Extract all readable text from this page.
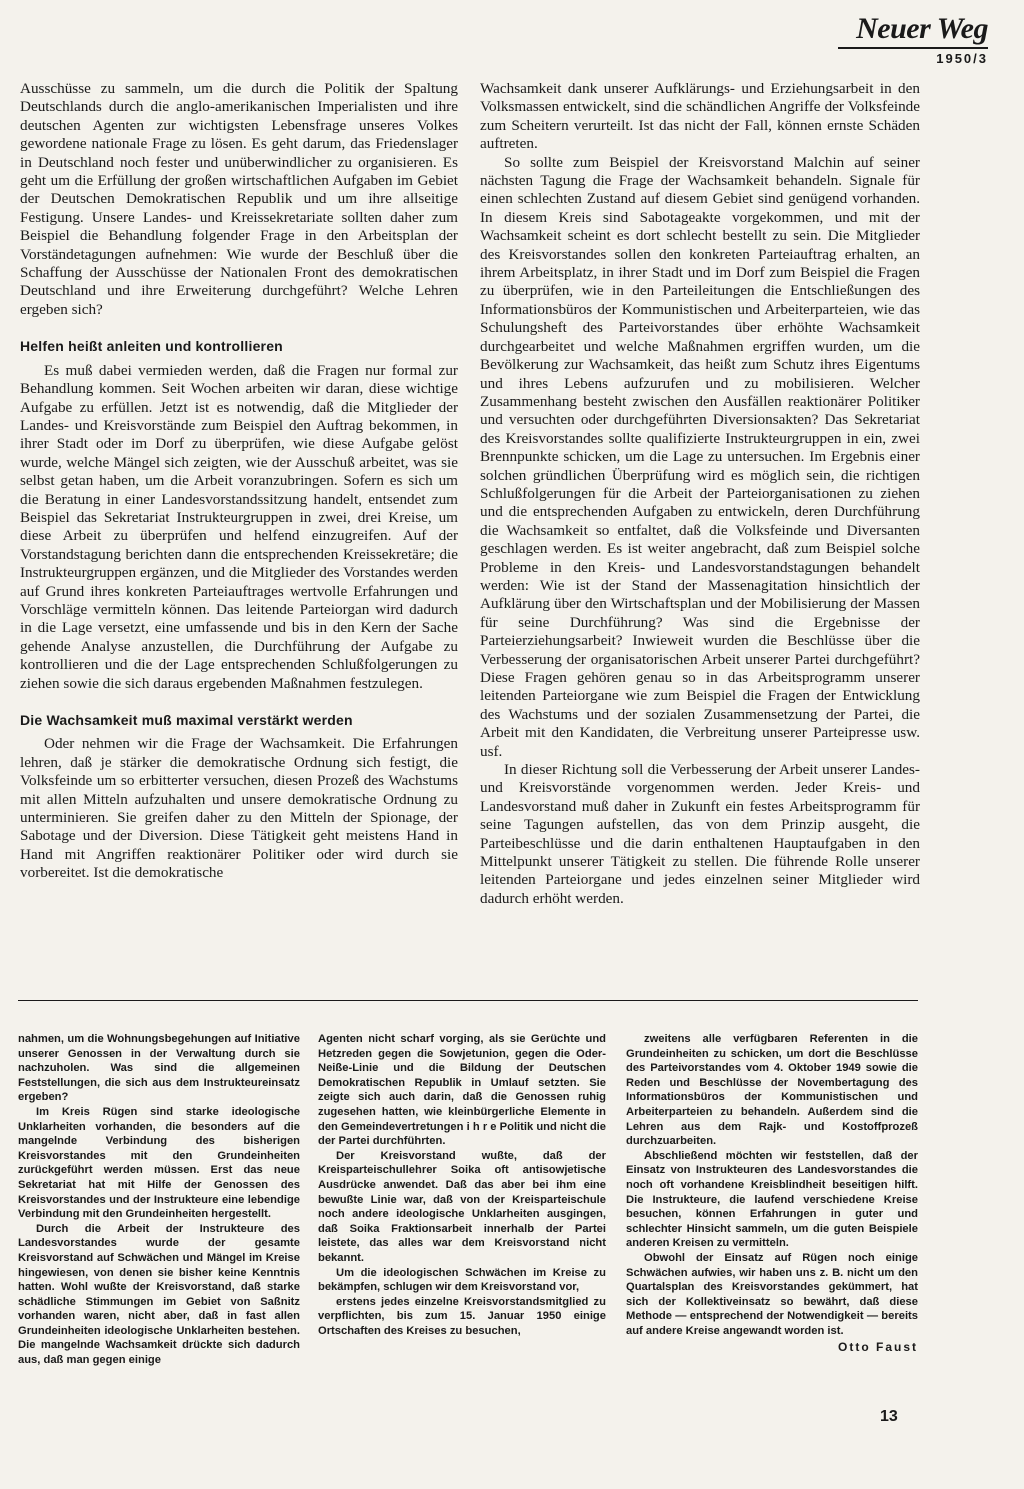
Neuer Weg
1950/3

Ausschüsse zu sammeln, um die durch die Politik der Spaltung Deutschlands durch die anglo-amerikanischen Imperialisten und ihre deutschen Agenten zur wichtigsten Lebensfrage unseres Volkes gewordene nationale Frage zu lösen. Es geht darum, das Friedenslager in Deutschland noch fester und unüberwindlicher zu organisieren. Es geht um die Erfüllung der großen wirtschaftlichen Aufgaben im Gebiet der Deutschen Demokratischen Republik und um ihre allseitige Festigung. Unsere Landes- und Kreissekretariate sollten daher zum Beispiel die Behandlung folgender Frage in den Arbeitsplan der Vorständetagungen aufnehmen: Wie wurde der Beschluß über die Schaffung der Ausschüsse der Nationalen Front des demokratischen Deutschland und ihre Erweiterung durchgeführt? Welche Lehren ergeben sich?

Helfen heißt anleiten und kontrollieren

Es muß dabei vermieden werden, daß die Fragen nur formal zur Behandlung kommen. Seit Wochen arbeiten wir daran, diese wichtige Aufgabe zu erfüllen. Jetzt ist es notwendig, daß die Mitglieder der Landes- und Kreisvorstände zum Beispiel den Auftrag bekommen, in ihrer Stadt oder im Dorf zu überprüfen, wie diese Aufgabe gelöst wurde, welche Mängel sich zeigten, wie der Ausschuß arbeitet, was sie selbst getan haben, um die Arbeit voranzubringen. Sofern es sich um die Beratung in einer Landesvorstandssitzung handelt, entsendet zum Beispiel das Sekretariat Instrukteurgruppen in zwei, drei Kreise, um diese Arbeit zu überprüfen und helfend einzugreifen. Auf der Vorstandstagung berichten dann die entsprechenden Kreissekretäre; die Instrukteurgruppen ergänzen, und die Mitglieder des Vorstandes werden auf Grund ihres konkreten Parteiauftrages wertvolle Erfahrungen und Vorschläge vermitteln können. Das leitende Parteiorgan wird dadurch in die Lage versetzt, eine umfassende und bis in den Kern der Sache gehende Analyse anzustellen, die Durchführung der Aufgabe zu kontrollieren und die der Lage entsprechenden Schlußfolgerungen zu ziehen sowie die sich daraus ergebenden Maßnahmen festzulegen.

Die Wachsamkeit muß maximal verstärkt werden

Oder nehmen wir die Frage der Wachsamkeit. Die Erfahrungen lehren, daß je stärker die demokratische Ordnung sich festigt, die Volksfeinde um so erbitterter versuchen, diesen Prozeß des Wachstums mit allen Mitteln aufzuhalten und unsere demokratische Ordnung zu unterminieren. Sie greifen daher zu den Mitteln der Spionage, der Sabotage und der Diversion. Diese Tätigkeit geht meistens Hand in Hand mit Angriffen reaktionärer Politiker oder wird durch sie vorbereitet. Ist die demokratische

Wachsamkeit dank unserer Aufklärungs- und Erziehungsarbeit in den Volksmassen entwickelt, sind die schändlichen Angriffe der Volksfeinde zum Scheitern verurteilt. Ist das nicht der Fall, können ernste Schäden auftreten.

So sollte zum Beispiel der Kreisvorstand Malchin auf seiner nächsten Tagung die Frage der Wachsamkeit behandeln. Signale für einen schlechten Zustand auf diesem Gebiet sind genügend vorhanden. In diesem Kreis sind Sabotageakte vorgekommen, und mit der Wachsamkeit scheint es dort schlecht bestellt zu sein. Die Mitglieder des Kreisvorstandes sollen den konkreten Parteiauftrag erhalten, an ihrem Arbeitsplatz, in ihrer Stadt und im Dorf zum Beispiel die Fragen zu überprüfen, wie in den Parteileitungen die Entschließungen des Informationsbüros der Kommunistischen und Arbeiterparteien, wie das Schulungsheft des Parteivorstandes über erhöhte Wachsamkeit durchgearbeitet und welche Maßnahmen ergriffen wurden, um die Bevölkerung zur Wachsamkeit, das heißt zum Schutz ihres Eigentums und ihres Lebens aufzurufen und zu mobilisieren. Welcher Zusammenhang besteht zwischen den Ausfällen reaktionärer Politiker und versuchten oder durchgeführten Diversionsakten? Das Sekretariat des Kreisvorstandes sollte qualifizierte Instrukteurgruppen in ein, zwei Brennpunkte schicken, um die Lage zu untersuchen. Im Ergebnis einer solchen gründlichen Überprüfung wird es möglich sein, die richtigen Schlußfolgerungen für die Arbeit der Parteiorganisationen zu ziehen und die entsprechenden Aufgaben zu entwickeln, deren Durchführung die Wachsamkeit so entfaltet, daß die Volksfeinde und Diversanten geschlagen werden. Es ist weiter angebracht, daß zum Beispiel solche Probleme in den Kreis- und Landesvorstandstagungen behandelt werden: Wie ist der Stand der Massenagitation hinsichtlich der Aufklärung über den Wirtschaftsplan und der Mobilisierung der Massen für seine Durchführung? Was sind die Ergebnisse der Parteierziehungsarbeit? Inwieweit wurden die Beschlüsse über die Verbesserung der organisatorischen Arbeit unserer Partei durchgeführt? Diese Fragen gehören genau so in das Arbeitsprogramm unserer leitenden Parteiorgane wie zum Beispiel die Fragen der Entwicklung des Wachstums und der sozialen Zusammensetzung der Partei, die Arbeit mit den Kandidaten, die Verbreitung unserer Parteipresse usw. usf.

In dieser Richtung soll die Verbesserung der Arbeit unserer Landes- und Kreisvorstände vorgenommen werden. Jeder Kreis- und Landesvorstand muß daher in Zukunft ein festes Arbeitsprogramm für seine Tagungen aufstellen, das von dem Prinzip ausgeht, die Parteibeschlüsse und die darin enthaltenen Hauptaufgaben in den Mittelpunkt unserer Tätigkeit zu stellen. Die führende Rolle unserer leitenden Parteiorgane und jedes einzelnen seiner Mitglieder wird dadurch erhöht werden.

nahmen, um die Wohnungsbegehungen auf Initiative unserer Genossen in der Verwaltung durch sie nachzuholen. Was sind die allgemeinen Feststellungen, die sich aus dem Instrukteureinsatz ergeben?

Im Kreis Rügen sind starke ideologische Unklarheiten vorhanden, die besonders auf die mangelnde Verbindung des bisherigen Kreisvorstandes mit den Grundeinheiten zurückgeführt werden müssen. Erst das neue Sekretariat hat mit Hilfe der Genossen des Kreisvorstandes und der Instrukteure eine lebendige Verbindung mit den Grundeinheiten hergestellt.

Durch die Arbeit der Instrukteure des Landesvorstandes wurde der gesamte Kreisvorstand auf Schwächen und Mängel im Kreise hingewiesen, von denen sie bisher keine Kenntnis hatten. Wohl wußte der Kreisvorstand, daß starke schädliche Stimmungen im Gebiet von Saßnitz vorhanden waren, nicht aber, daß in fast allen Grundeinheiten ideologische Unklarheiten bestehen. Die mangelnde Wachsamkeit drückte sich dadurch aus, daß man gegen einige

Agenten nicht scharf vorging, als sie Gerüchte und Hetzreden gegen die Sowjetunion, gegen die Oder-Neiße-Linie und die Bildung der Deutschen Demokratischen Republik in Umlauf setzten. Sie zeigte sich auch darin, daß die Genossen ruhig zugesehen hatten, wie kleinbürgerliche Elemente in den Gemeindevertretungen i h r e Politik und nicht die der Partei durchführten.

Der Kreisvorstand wußte, daß der Kreisparteischullehrer Soika oft antisowjetische Ausdrücke anwendet. Daß das aber bei ihm eine bewußte Linie war, daß von der Kreisparteischule noch andere ideologische Unklarheiten ausgingen, daß Soika Fraktionsarbeit innerhalb der Partei leistete, das alles war dem Kreisvorstand nicht bekannt.

Um die ideologischen Schwächen im Kreise zu bekämpfen, schlugen wir dem Kreisvorstand vor,

erstens jedes einzelne Kreisvorstandsmitglied zu verpflichten, bis zum 15. Januar 1950 einige Ortschaften des Kreises zu besuchen,

zweitens alle verfügbaren Referenten in die Grundeinheiten zu schicken, um dort die Beschlüsse des Parteivorstandes vom 4. Oktober 1949 sowie die Reden und Beschlüsse der Novembertagung des Informationsbüros der Kommunistischen und Arbeiterparteien zu behandeln. Außerdem sind die Lehren aus dem Rajk- und Kostoffprozeß durchzuarbeiten.

Abschließend möchten wir feststellen, daß der Einsatz von Instrukteuren des Landesvorstandes die noch oft vorhandene Kreisblindheit beseitigen hilft. Die Instrukteure, die laufend verschiedene Kreise besuchen, können Erfahrungen in guter und schlechter Hinsicht sammeln, um die guten Beispiele anderen Kreisen zu vermitteln.

Obwohl der Einsatz auf Rügen noch einige Schwächen aufwies, wir haben uns z. B. nicht um den Quartalsplan des Kreisvorstandes gekümmert, hat sich der Kollektiveinsatz so bewährt, daß diese Methode — entsprechend der Notwendigkeit — bereits auf andere Kreise angewandt worden ist.

Otto Faust
13
